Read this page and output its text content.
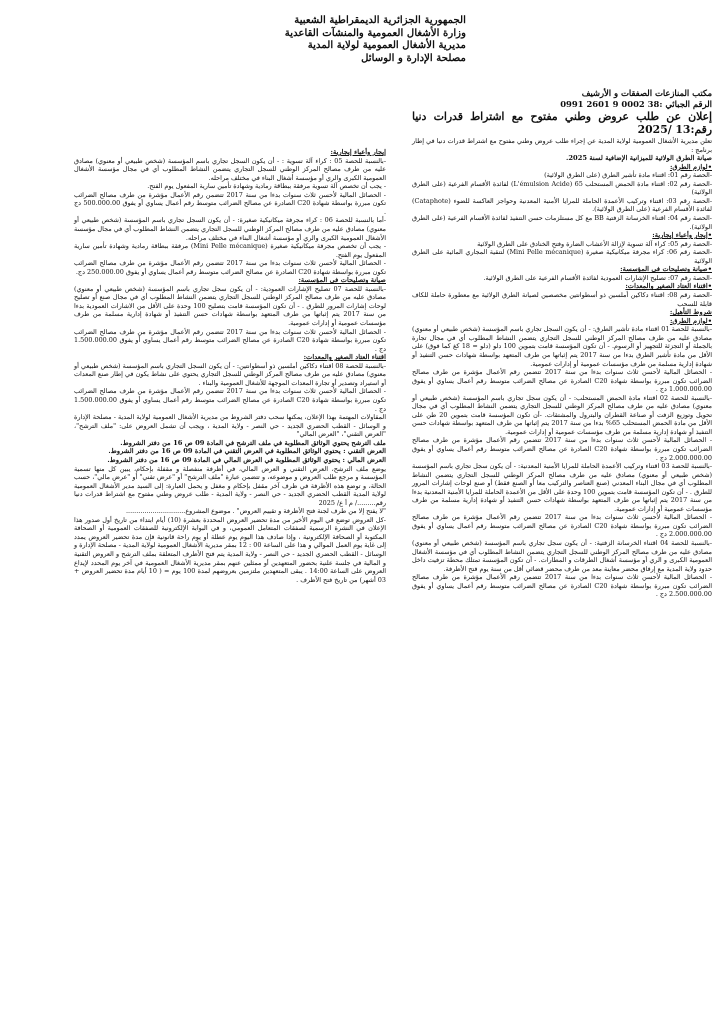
الجمهورية الجزائرية الديمقراطية الشعبية
وزارة الأشغال العمومية والمنشآت القاعدية
مديرية الأشغال العمومية لولاية المدية
مصلحة الإدارة و الوسائل
مكتب المنازعات الصفقات و الأرشيف
الرقم الجبائي :38 0002 9 2601 0991
إعلان عن طلب عروض وطني مفتوح مع اشتراط قدرات دنيا رقم:13 /2025

تعلن مديرية الأشغال العمومية لولاية المدية عن إجراء طلب عروض وطني مفتوح مع اشتراط قدرات دنيا في إطار برنامج :

صيانة الطرق الولائية للميزانية الإضافية لسنة 2025.

•لوازم الطرق:

-الحصة رقم 01: اقتناء مادة تأشير الطرق (على الطرق الولائية)

-الحصة رقم 02: اقتناء مادة الحمض المستحلب 65 (L'émulsion Acide) لفائدة الأقسام الفرعية (على الطرق الولائية)

-الحصة رقم 03: اقتناء وتركيب الأعمدة الحاملة للمرايا الأمنية المعدنية وحواجز العاكسة للضوء (Cataphote) لفائدة الأقسام الفرعية (على الطرق الولائية).

-الحصة رقم 04: اقتناء الخرسانة الزفتية BB مع كل مستلزمات حسن التنفيذ لفائدة الأقسام الفرعية (على الطرق الولائية).

•إيجار وأعباء إيجارية:

-الحصة رقم 05: كراء آلة تسوية لإزالة الأعشاب الضارة وفتح الخنادق على الطرق الولائية

-الحصة رقم 06: كراء مجرفة ميكانيكية صغيرة (Mini Pelle mécanique) لتنقية المجاري المائية على الطرق الولائية

•صيانة وتصليحات في المؤسسة:

-الحصة رقم 07: تصليح الإشارات العمودية لفائدة الأقسام الفرعية على الطرق الولائية.

•اقتناء العتاد الصغير والمعدات:

-الحصة رقم 08: اقتناء دكاكين أملسين ذو أسطوانتين مخصصين لصيانة الطرق الولائية مع معطورة حاملة للكاف قابلة للسحب

شروط التأهيل:

•لوازم الطرق:

-بالنسبة للحصة 01 اقتناء مادة تأشير الطرق: - أن يكون السجل تجاري باسم المؤسسة (شخص طبيعي أو معنوي) مصادق عليه من طرف مصالح المركز الوطني للسجل التجاري يتضمن النشاط المطلوب أي في مجال تجارة بالجملة أو التجزئة للتجهيز أو الرسوم. - أن تكون المؤسسة قامت بتموين 100 دلو (دلو = 18 كغ كما فوق) على الأقل من مادة تأشير الطرق بدءا من سنة 2017 يتم إثباتها من طرف المتعهد بواسطة شهادات حسن التنفيذ أو شهادة إدارية مسلمة من طرف مؤسسات عمومية أو إدارات عمومية.

- الحصائل المالية لأحسن ثلاث سنوات بدءا من سنة 2017 تتضمن رقم الأعمال مؤشرة من طرف مصالح الضرائب تكون مبررة بواسطة شهادة C20 الصادرة عن مصالح الضرائب متوسط رقم أعمال يساوي أو يفوق 1.000.000.00 دج .

-بالنسبة للحصة 02 اقتناء مادة الحمض المستحلب: - أن يكون سجل تجاري باسم المؤسسة (شخص طبيعي أو معنوي) مصادق عليه من طرف مصالح المركز الوطني للسجل التجاري يتضمن النشاط المطلوب أي في مجال تحويل وتوزيع الزفت أو صناعة القطران والبترول والمشتقات. -أن تكون المؤسسة قامت بتموين 20 طن على الأقل من مادة الحمض المستحلب 65% بدءا من سنة 2017 يتم إثباتها من طرف المتعهد بواسطة شهادات حسن التنفيذ أو شهادة إدارية مسلمة من طرف مؤسسات عمومية أو إدارات عمومية.

- الحصائل المالية لأحسن ثلاث سنوات بدءا من سنة 2017 تتضمن رقم الأعمال مؤشرة من طرف مصالح الضرائب تكون مبررة بواسطة شهادة C20 الصادرة عن مصالح الضرائب متوسط رقم أعمال يساوي أو يفوق 2.000.000.00 دج .

-بالنسبة للحصة 03 اقتناء وتركيب الأعمدة الحاملة للمرايا الأمنية المعدنية: - أن يكون سجل تجاري باسم المؤسسة (شخص طبيعي أو معنوي) مصادق عليه من طرف مصالح المركز الوطني للسجل التجاري يتضمن النشاط المطلوب أي في مجال البناء المعدني (صنع العناصر والتركيب معا أو الصنع فقط) أو صنع لوحات إشارات المرور للطرق . - أن تكون المؤسسة قامت بتموين 100 وحدة على الأقل من الأعمدة الحاملة للمرايا الأمنية المعدنية بدءا من سنة 2017 يتم إثباتها من طرف المتعهد بواسطة شهادات حسن التنفيذ أو شهادة إدارية مسلمة من طرف مؤسسات عمومية أو إدارات عمومية.

- الحصائل المالية لأحسن ثلاث سنوات بدءا من سنة 2017 تتضمن رقم الأعمال مؤشرة من طرف مصالح الضرائب تكون مبررة بواسطة شهادة C20 الصادرة عن مصالح الضرائب متوسط رقم أعمال يساوي أو يفوق 2.000.000.00 دج .

-بالنسبة للحصة 04 اقتناء الخرسانة الزفتية: - أن يكون سجل تجاري باسم المؤسسة (شخص طبيعي أو معنوي) مصادق عليه من طرف مصالح المركز الوطني للسجل التجاري يتضمن النشاط المطلوب أي في مؤسسة الأشغال العمومية الكبرى و الري أو مؤسسة أشغال الطرقات و المطارات. - أن تكون المؤسسة تمتلك محطة تزفيت داخل حدود ولاية المدية مع إرفاق محضر معاينة معد من طرف محضر قضائي أقل من سنة يوم فتح الأظرفة.

- الحصائل المالية لأحسن ثلاث سنوات بدءا من سنة 2017 تتضمن رقم الأعمال مؤشرة من طرف مصالح الضرائب تكون مبررة بواسطة شهادة C20 الصادرة عن مصالح الضرائب متوسط رقم أعمال يساوي أو يفوق 2.500.000.00 دج .

إيجار وأعباء إيجارية:

-بالنسبة للحصة 05 : كراء آلة تسوية : - أن يكون السجل تجاري باسم المؤسسة (شخص طبيعي أو معنوي) مصادق عليه من طرف مصالح المركز الوطني للسجل التجاري يتضمن النشاط المطلوب أي في مجال مؤسسة الأشغال العمومية الكبرى والري أو مؤسسة أشغال البناء في مختلف مراحله.

- يجب أن تخصص آلة تسوية مرفقة ببطاقة رمادية وشهادة تأمين سارية المفعول يوم الفتح.

- الحصائل المالية لأحسن ثلاث سنوات بدءا من سنة 2017 تتضمن رقم الأعمال مؤشرة من طرف مصالح الضرائب تكون مبررة بواسطة شهادة C20 الصادرة عن مصالح الضرائب متوسط رقم أعمال يساوي أو يفوق 500.000.00 دج .

-أما بالنسبة للحصة 06 : كراء مجرفة ميكانيكية صغيرة: - أن يكون السجل تجاري باسم المؤسسة (شخص طبيعي أو معنوي) مصادق عليه من طرف مصالح المركز الوطني للسجل التجاري يتضمن النشاط المطلوب أي في مجال مؤسسة الأشغال العمومية الكبرى والري أو مؤسسة أشغال البناء في مختلف مراحله.

- يجب أن تخصص مجرفة ميكانيكية صغيرة (Mini Pelle mécanique) مرفقة ببطاقة رمادية وشهادة تأمين سارية المفعول يوم الفتح.

- الحصائل المالية لأحسن ثلاث سنوات بدءا من سنة 2017 تتضمن رقم الأعمال مؤشرة من طرف مصالح الضرائب تكون مبررة بواسطة شهادة C20 الصادرة عن مصالح الضرائب متوسط رقم أعمال يساوي أو يفوق 250.000.00 دج.

صيانة وتصليحات في المؤسسة:

-بالنسبة للحصة 07 تصليح الإشارات العمودية: - أن يكون سجل تجاري باسم المؤسسة (شخص طبيعي أو معنوي) مصادق عليه من طرف مصالح المركز الوطني للسجل التجاري يتضمن النشاط المطلوب أي في مجال صنع أو تصليح لوحات إشارات المرور للطرق . - أن تكون المؤسسة قامت بتصليح 100 وحدة على الأقل من الاشارات العمودية بدءا من سنة 2017 يتم إثباتها من طرف المتعهد بواسطة شهادات حسن التنفيذ أو شهادة إدارية مسلمة من طرف مؤسسات عمومية أو إدارات عمومية.

- الحصائل المالية لأحسن ثلاث سنوات بدءا من سنة 2017 تتضمن رقم الأعمال مؤشرة من طرف مصالح الضرائب تكون مبررة بواسطة شهادة C20 الصادرة عن مصالح الضرائب متوسط رقم أعمال يساوي أو يفوق 1.500.000.00 دج .

اقتناء العتاد الصغير والمعدات:

-بالنسبة للحصة 08 اقتناء دكاكين أملسين ذو أسطوانتين: - أن يكون السجل التجاري باسم المؤسسة (شخص طبيعي أو معنوي) مصادق عليه من طرف مصالح المركز الوطني للسجل التجاري يحتوي على نشاط يكون في إطار صنع المعدات أو استيراد وتصدير أو تجارة المعدات الموجهة للأشغال العمومية والبناء .

- الحصائل المالية لأحسن ثلاث سنوات بدءا من سنة 2017 تتضمن رقم الأعمال مؤشرة من طرف مصالح الضرائب تكون مبررة بواسطة شهادة C20 الصادرة عن مصالح الضرائب متوسط رقم أعمال يساوي أو يفوق 1.500.000.00 دج .

المقاولات المهتمة بهذا الإعلان، يمكنها سحب دفتر الشروط من مديرية الأشغال العمومية لولاية المدية - مصلحة الإدارة و الوسائل - القطب الحضري الجديد - حي النصر - ولاية المدية ، ويجب أن تشمل العروض على: "ملف الترشح"، "العرض التقني"، "العرض المالي"

ملف الترشح يحتوي الوثائق المطلوبة في ملف الترشح في المادة 09 ص 16 من دفتر الشروط.

العرض التقني : يحتوي الوثائق المطلوبة في العرض التقني في المادة 09 ص 16 من دفتر الشروط.

العرض المالي : يحتوي الوثائق المطلوبة في العرض المالي في المادة 09 ص 16 من دفتر الشروط.

يوضع ملف الترشح، العرض التقني و العرض المالي، في أظرفة منفصلة و مقفلة بإحكام، يبين كل منها تسمية المؤسسة و مرجع طلب العروض و موضوعه، و تتضمن عبارة "ملف الترشح" أو "عرض تقني" أو "عرض مالي"، حسب الحالة، و توضع هذه الأظرفة في ظرف آخر مقفل بإحكام و مغفل و يحمل العبارة: إلى السيد مدير الأشغال العمومية لولاية المدية القطب الحضري الجديد - حي النصر - ولاية المدية - طلب عروض وطني مفتوح مع اشتراط قدرات دنيا رقم........./ م أ ع/ 2025

"لا يفتح إلا من طرف لجنة فتح الأظرفة و تقييم العروض" . موضوع المشروع.............................

-كل العروض توضع في اليوم الأخير من مدة تحضير العروض المحددة بعشرة (10) أيام ابتداء من تاريخ أول صدور هذا الإعلان في النشرة الرسمية لصفقات المتعامل العمومي، و في البوابة الإلكترونية للصفقات العمومية أو الصحافة المكتوبة أو الصحافة الإلكترونية ، وإذا صادف هذا اليوم يوم عطلة أو يوم راحة قانونية فإن مدة تحضير العروض يمدد إلى غاية يوم العمل الموالي و هذا على الساعة 00 : 12 بمقر مديرية الأشغال العمومية لولاية المدية - مصلحة الإدارة و الوسائل - القطب الحضري الجديد - حي النصر - ولاية المدية يتم فتح الأظرف المتعلقة بملف الترشح و العروض التقنية و المالية في جلسة علنية بحضور المتعهدين أو ممثلين عنهم بمقر مديرية الأشغال العمومية في آخر يوم المحدد لإيداع العروض على الساعة 14:00 . يبقى المتعهدين ملتزمين بعروضهم لمدة 100 يوم = ( 10 أيام مدة تحضير العروض + 03 أشهر) من تاريخ فتح الأظرف .
